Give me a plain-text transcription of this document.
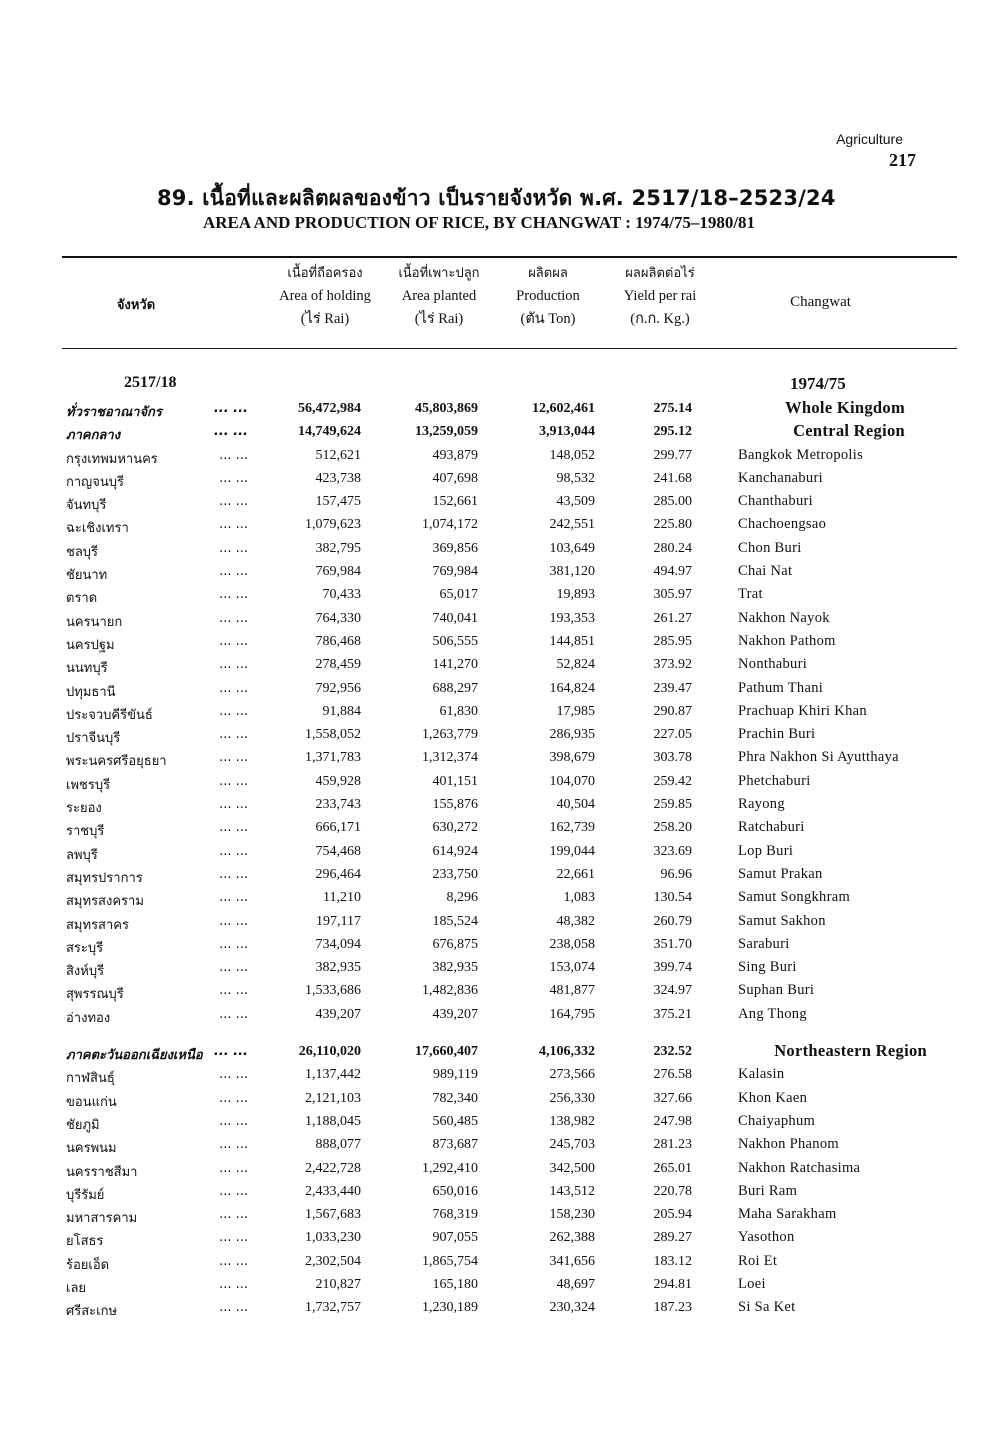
Agriculture
217
89. เนื้อที่และผลิตผลของข้าว เป็นรายจังหวัด พ.ศ. 2517/18–2523/24
AREA AND PRODUCTION OF RICE, BY CHANGWAT : 1974/75–1980/81
จังหวัด
เนื้อที่ถือครอง
Area of holding
(ไร่ Rai)
เนื้อที่เพาะปลูก
Area planted
(ไร่ Rai)
ผลิตผล
Production
(ตัน Ton)
ผลผลิตต่อไร่
Yield per rai
(ก.ก. Kg.)
Changwat
2517/18	1974/75
ทั่วราชอาณาจักร	... ...	56,472,984	45,803,869	12,602,461	275.14	Whole Kingdom
ภาคกลาง	... ...	14,749,624	13,259,059	3,913,044	295.12	Central Region
กรุงเทพมหานคร	... ...	512,621	493,879	148,052	299.77	Bangkok Metropolis
กาญจนบุรี	... ...	423,738	407,698	98,532	241.68	Kanchanaburi
จันทบุรี	... ...	157,475	152,661	43,509	285.00	Chanthaburi
ฉะเชิงเทรา	... ...	1,079,623	1,074,172	242,551	225.80	Chachoengsao
ชลบุรี	... ...	382,795	369,856	103,649	280.24	Chon Buri
ชัยนาท	... ...	769,984	769,984	381,120	494.97	Chai Nat
ตราด	... ...	70,433	65,017	19,893	305.97	Trat
นครนายก	... ...	764,330	740,041	193,353	261.27	Nakhon Nayok
นครปฐม	... ...	786,468	506,555	144,851	285.95	Nakhon Pathom
นนทบุรี	... ...	278,459	141,270	52,824	373.92	Nonthaburi
ปทุมธานี	... ...	792,956	688,297	164,824	239.47	Pathum Thani
ประจวบคีรีขันธ์	... ...	91,884	61,830	17,985	290.87	Prachuap Khiri Khan
ปราจีนบุรี	... ...	1,558,052	1,263,779	286,935	227.05	Prachin Buri
พระนครศรีอยุธยา	... ...	1,371,783	1,312,374	398,679	303.78	Phra Nakhon Si Ayutthaya
เพชรบุรี	... ...	459,928	401,151	104,070	259.42	Phetchaburi
ระยอง	... ...	233,743	155,876	40,504	259.85	Rayong
ราชบุรี	... ...	666,171	630,272	162,739	258.20	Ratchaburi
ลพบุรี	... ...	754,468	614,924	199,044	323.69	Lop Buri
สมุทรปราการ	... ...	296,464	233,750	22,661	96.96	Samut Prakan
สมุทรสงคราม	... ...	11,210	8,296	1,083	130.54	Samut Songkhram
สมุทรสาคร	... ...	197,117	185,524	48,382	260.79	Samut Sakhon
สระบุรี	... ...	734,094	676,875	238,058	351.70	Saraburi
สิงห์บุรี	... ...	382,935	382,935	153,074	399.74	Sing Buri
สุพรรณบุรี	... ...	1,533,686	1,482,836	481,877	324.97	Suphan Buri
อ่างทอง	... ...	439,207	439,207	164,795	375.21	Ang Thong
ภาคตะวันออกเฉียงเหนือ ... ...	26,110,020	17,660,407	4,106,332	232.52	Northeastern Region
กาฬสินธุ์	... ...	1,137,442	989,119	273,566	276.58	Kalasin
ขอนแก่น	... ...	2,121,103	782,340	256,330	327.66	Khon Kaen
ชัยภูมิ	... ...	1,188,045	560,485	138,982	247.98	Chaiyaphum
นครพนม	... ...	888,077	873,687	245,703	281.23	Nakhon Phanom
นครราชสีมา	... ...	2,422,728	1,292,410	342,500	265.01	Nakhon Ratchasima
บุรีรัมย์	... ...	2,433,440	650,016	143,512	220.78	Buri Ram
มหาสารคาม	... ...	1,567,683	768,319	158,230	205.94	Maha Sarakham
ยโสธร	... ...	1,033,230	907,055	262,388	289.27	Yasothon
ร้อยเอ็ด	... ...	2,302,504	1,865,754	341,656	183.12	Roi Et
เลย	... ...	210,827	165,180	48,697	294.81	Loei
ศรีสะเกษ	... ...	1,732,757	1,230,189	230,324	187.23	Si Sa Ket
